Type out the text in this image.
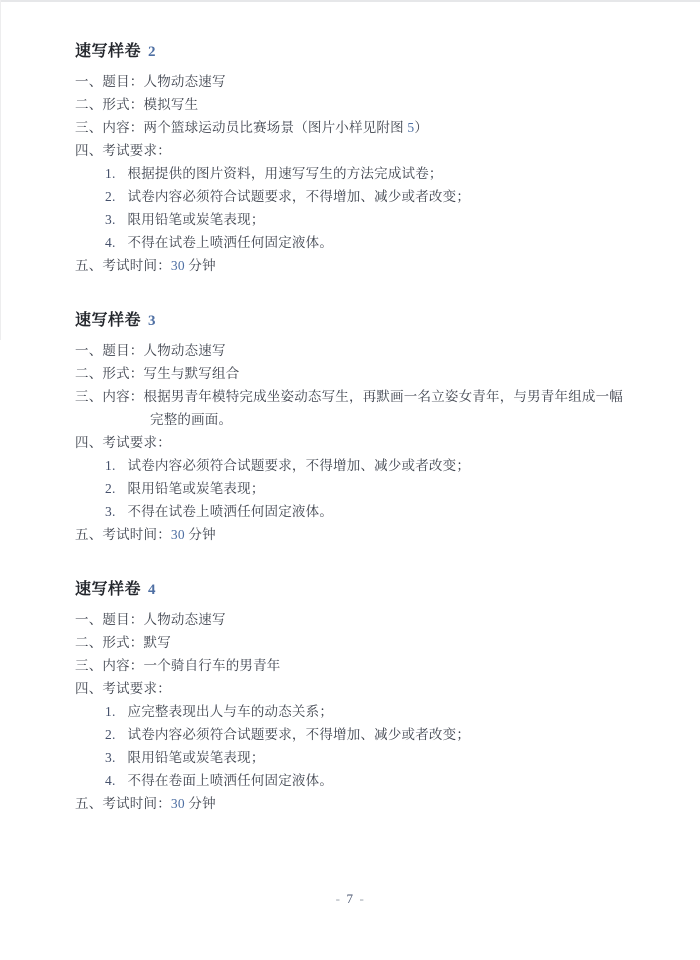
速写样卷 2

一、题目：人物动态速写

二、形式：模拟写生

三、内容：两个篮球运动员比赛场景（图片小样见附图 5）

四、考试要求：

1. 根据提供的图片资料，用速写写生的方法完成试卷；

2. 试卷内容必须符合试题要求，不得增加、减少或者改变；

3. 限用铅笔或炭笔表现；

4. 不得在试卷上喷洒任何固定液体。

五、考试时间：30 分钟

速写样卷 3

一、题目：人物动态速写

二、形式：写生与默写组合

三、内容：根据男青年模特完成坐姿动态写生，再默画一名立姿女青年，与男青年组成一幅

完整的画面。

四、考试要求：

1. 试卷内容必须符合试题要求，不得增加、减少或者改变；

2. 限用铅笔或炭笔表现；

3. 不得在试卷上喷洒任何固定液体。

五、考试时间：30 分钟

速写样卷 4

一、题目：人物动态速写

二、形式：默写

三、内容：一个骑自行车的男青年

四、考试要求：

1. 应完整表现出人与车的动态关系；

2. 试卷内容必须符合试题要求，不得增加、减少或者改变；

3. 限用铅笔或炭笔表现；

4. 不得在卷面上喷洒任何固定液体。

五、考试时间：30 分钟

- 7 -
